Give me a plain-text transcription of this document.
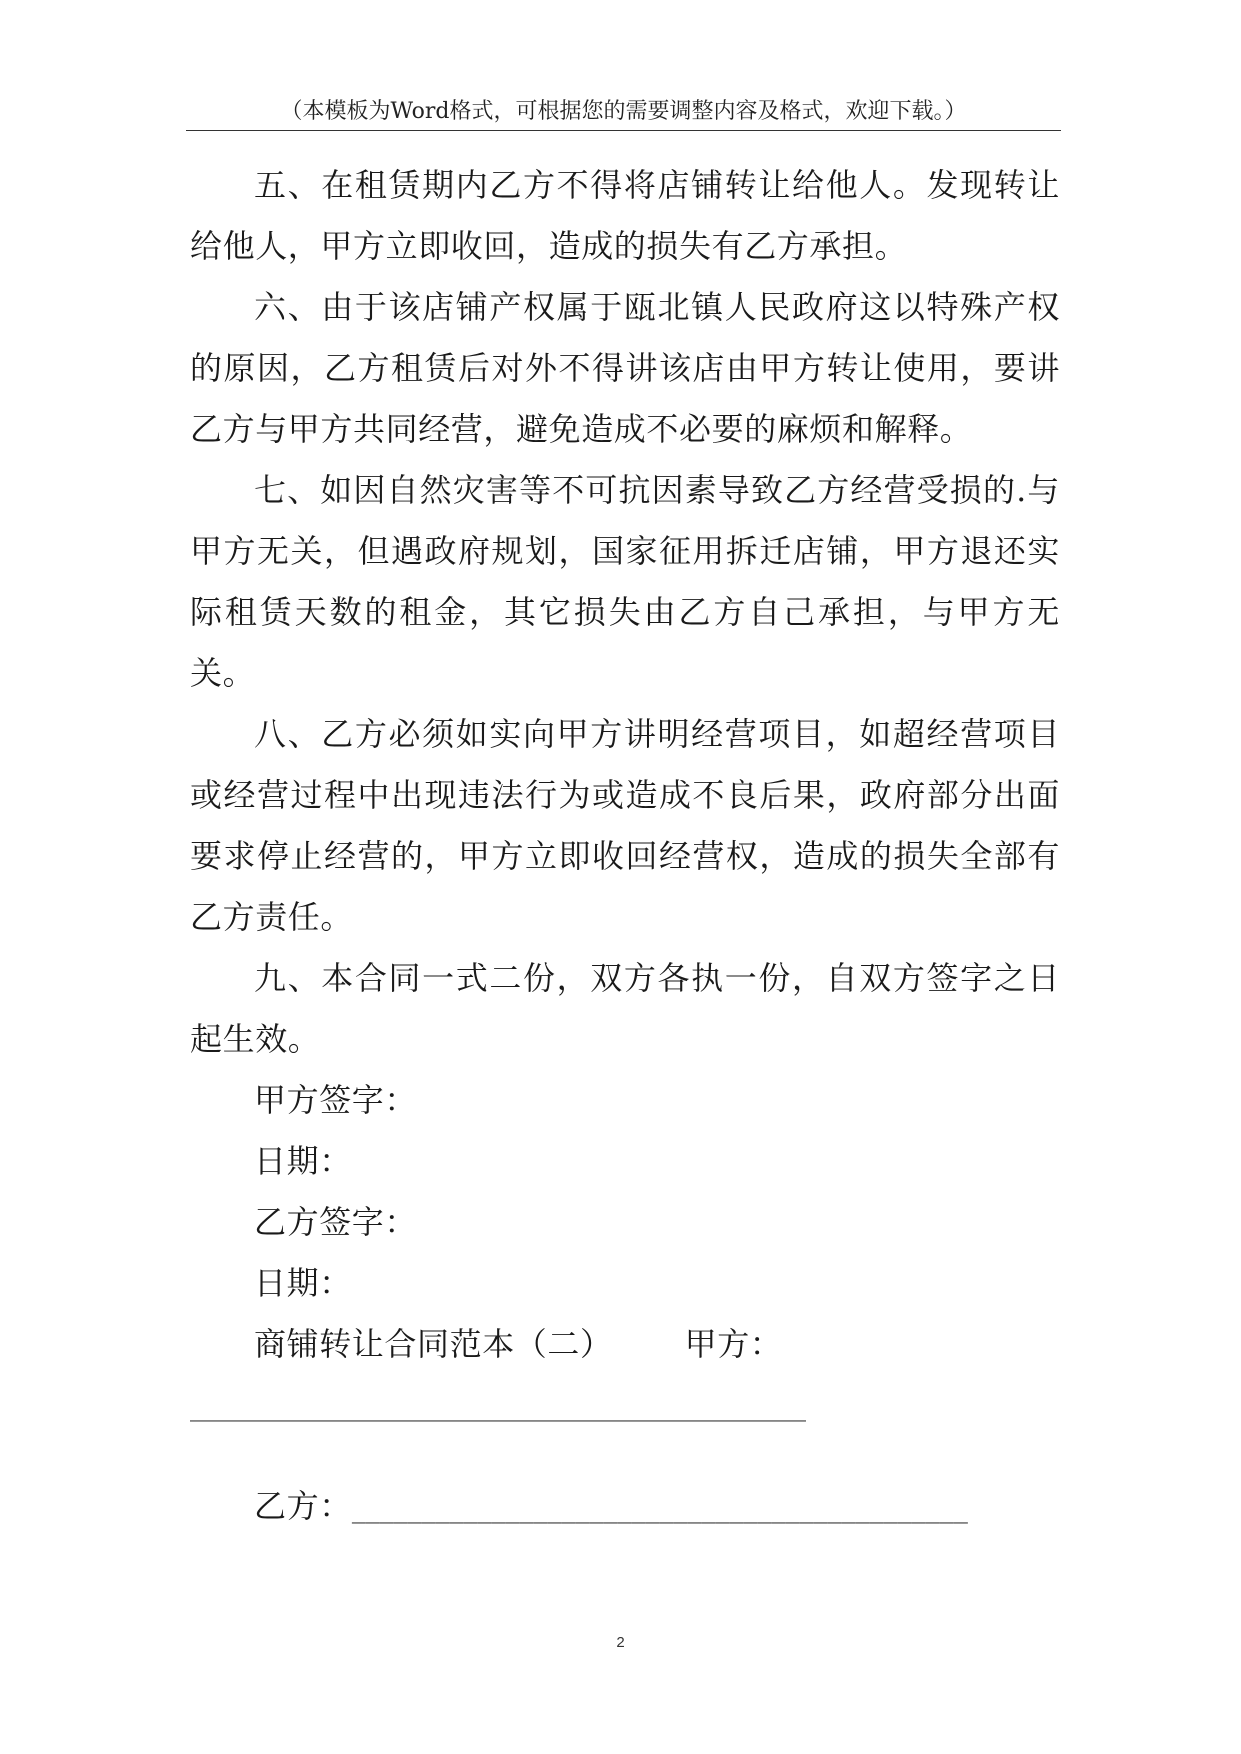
（本模板为Word格式，可根据您的需要调整内容及格式，欢迎下载。）

五、在租赁期内乙方不得将店铺转让给他人。发现转让给他人，甲方立即收回，造成的损失有乙方承担。

六、由于该店铺产权属于瓯北镇人民政府这以特殊产权的原因，乙方租赁后对外不得讲该店由甲方转让使用，要讲乙方与甲方共同经营，避免造成不必要的麻烦和解释。

七、如因自然灾害等不可抗因素导致乙方经营受损的.与甲方无关，但遇政府规划，国家征用拆迁店铺，甲方退还实际租赁天数的租金，其它损失由乙方自己承担，与甲方无关。

八、乙方必须如实向甲方讲明经营项目，如超经营项目或经营过程中出现违法行为或造成不良后果，政府部分出面要求停止经营的，甲方立即收回经营权，造成的损失全部有乙方责任。

九、本合同一式二份，双方各执一份，自双方签字之日起生效。

甲方签字：

日期：

乙方签字：

日期：

商铺转让合同范本（二） 甲方：

____________________________________________

乙方：____________________________________________

2
